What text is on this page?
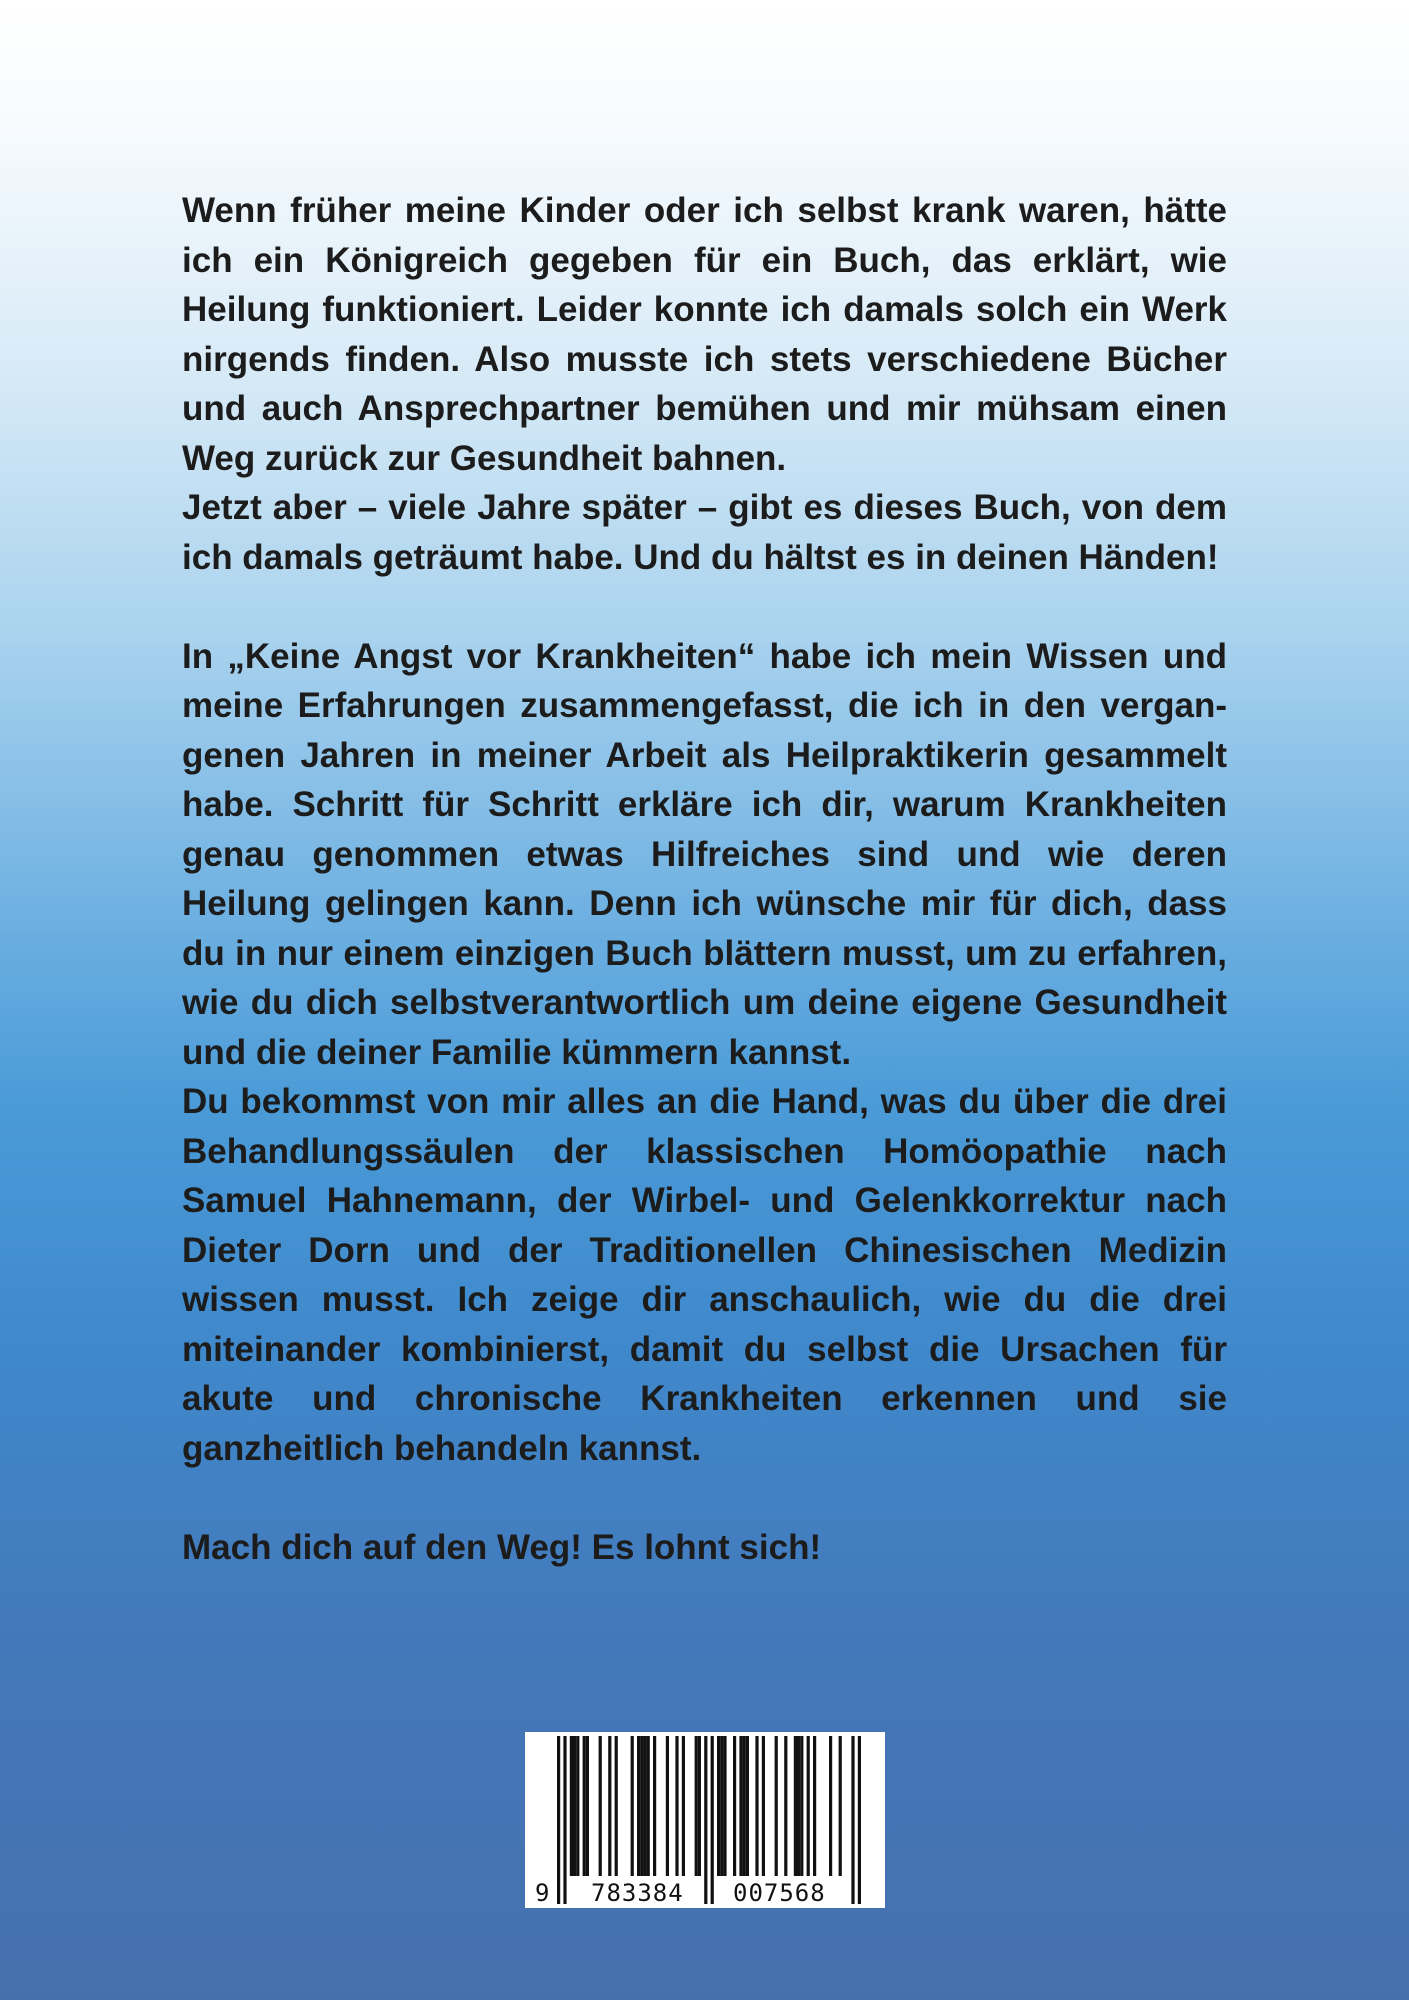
Wenn früher meine Kinder oder ich selbst krank waren, hätte ich ein Königreich gegeben für ein Buch, das erklärt, wie Heilung funktioniert. Leider konnte ich damals solch ein Werk nirgends finden. Also musste ich stets verschiedene Bücher und auch Ansprechpartner bemühen und mir mühsam einen Weg zurück zur Gesundheit bahnen.

Jetzt aber – viele Jahre später – gibt es dieses Buch, von dem ich damals geträumt habe. Und du hältst es in deinen Händen!

In „Keine Angst vor Krankheiten“ habe ich mein Wissen und meine Erfahrungen zusammengefasst, die ich in den vergangenen Jahren in meiner Arbeit als Heilpraktikerin gesammelt habe. Schritt für Schritt erkläre ich dir, warum Krankheiten genau genommen etwas Hilfreiches sind und wie deren Heilung gelingen kann. Denn ich wünsche mir für dich, dass du in nur einem einzigen Buch blättern musst, um zu erfahren, wie du dich selbstverantwortlich um deine eigene Gesundheit und die deiner Familie kümmern kannst.

Du bekommst von mir alles an die Hand, was du über die drei Behandlungssäulen der klassischen Homöopathie nach Samuel Hahnemann, der Wirbel- und Gelenkkorrektur nach Dieter Dorn und der Traditionellen Chinesischen Medizin wissen musst. Ich zeige dir anschaulich, wie du die drei miteinander kombinierst, damit du selbst die Ursachen für akute und chronische Krankheiten erkennen und sie ganzheitlich behandeln kannst.

Mach dich auf den Weg! Es lohnt sich!

9 783384 007568
